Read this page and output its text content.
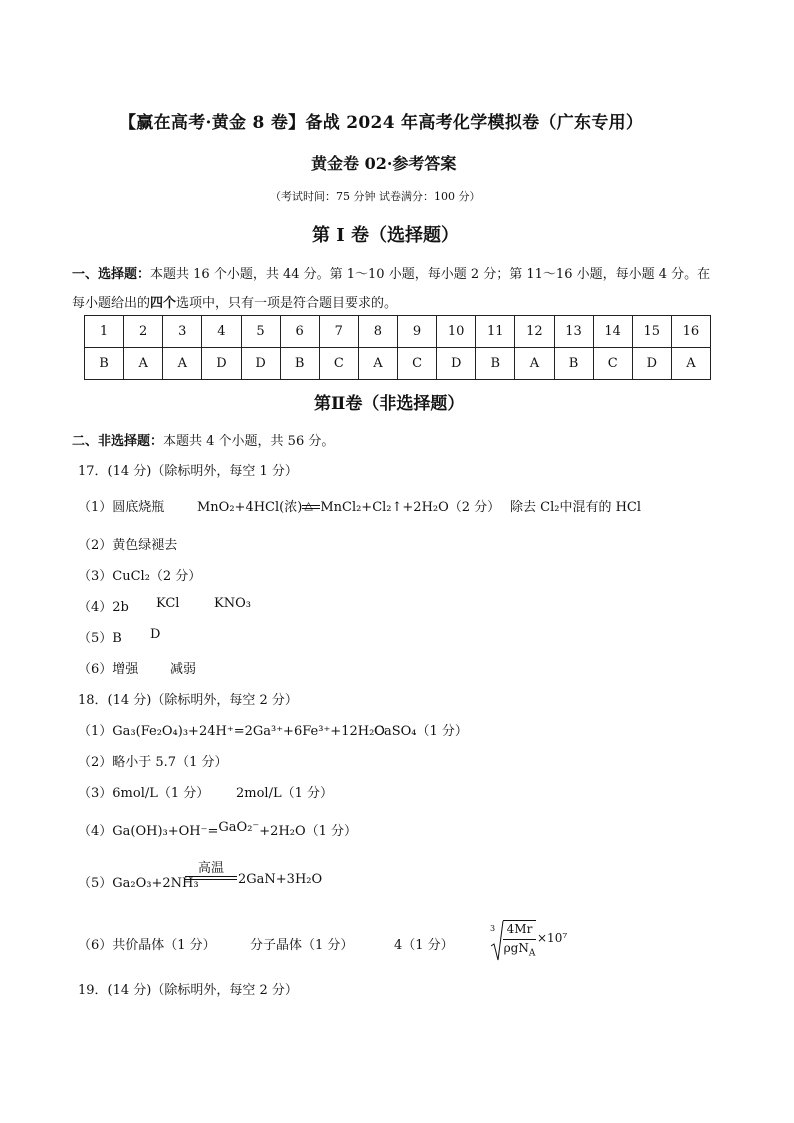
【赢在高考·黄金 8 卷】备战 2024 年高考化学模拟卷（广东专用）
黄金卷 02·参考答案
（考试时间：75 分钟 试卷满分：100 分）
第 I 卷（选择题）
一、选择题：本题共 16 个小题，共 44 分。第 1～10 小题，每小题 2 分；第 11～16 小题，每小题 4 分。在
每小题给出的四个选项中，只有一项是符合题目要求的。
1	2	3	4	5	6	7	8	9	10	11	12	13	14	15	16
B	A	A	D	D	B	C	A	C	D	B	A	B	C	D	A
第Ⅱ卷（非选择题）
二、非选择题：本题共 4 个小题，共 56 分。
17．(14 分)（除标明外，每空 1 分）
（1）圆底烧瓶	MnO₂+4HCl(浓) △ MnCl₂+Cl₂↑+2H₂O（2 分） 除去 Cl₂中混有的 HCl
（2）黄色绿褪去
（3）CuCl₂（2 分）
（4）2b KCl	KNO₃
（5）B D
（6）增强 减弱
18．(14 分)（除标明外，每空 2 分）
（1）Ga₃(Fe₂O₄)₃+24H⁺=2Ga³⁺+6Fe³⁺+12H₂O
CaSO₄（1 分）
（2）略小于 5.7（1 分）
（3）6mol/L（1 分） 2mol/L（1 分）
（4）Ga(OH)₃+OH⁻=GaO₂⁻+2H₂O（1 分）
（5）Ga₂O₃+2NH₃
高温
2GaN+3H₂O
（6）共价晶体（1 分）	分子晶体（1 分）	4（1 分）
3 4Mr
ρgN$_A$
×10⁷
19．(14 分)（除标明外，每空 2 分）
